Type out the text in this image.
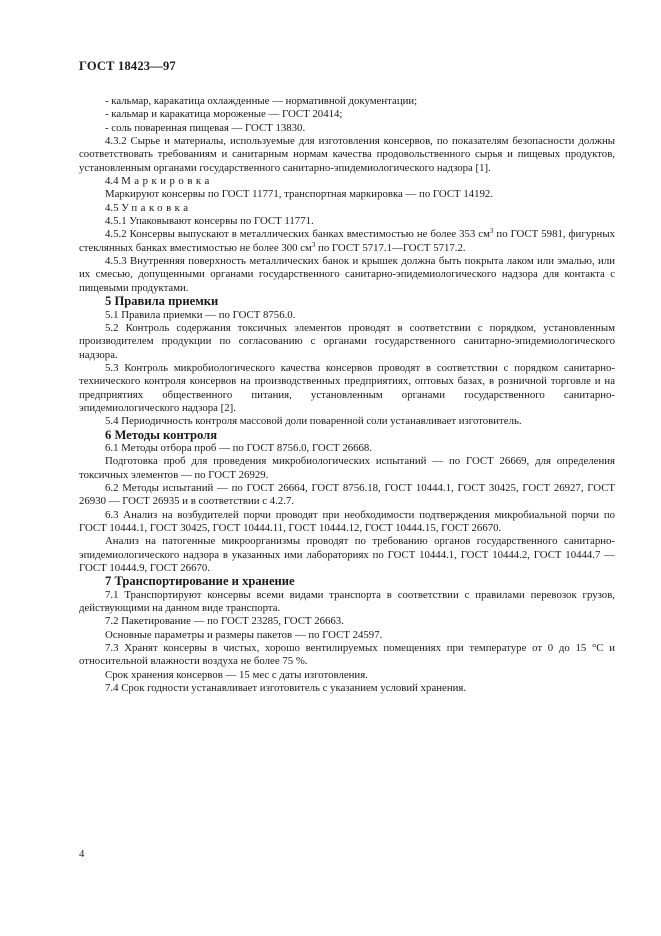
ГОСТ 18423—97

- кальмар, каракатица охлажденные — нормативной документации;

- кальмар и каракатица мороженые — ГОСТ 20414;

- соль поваренная пищевая — ГОСТ 13830.

4.3.2 Сырье и материалы, используемые для изготовления консервов, по показателям безопасности должны соответствовать требованиям и санитарным нормам качества продовольственного сырья и пищевых продуктов, установленным органами государственного санитарно-эпидемиологического надзора [1].

4.4 Маркировка

Маркируют консервы по ГОСТ 11771, транспортная маркировка — по ГОСТ 14192.

4.5 Упаковка

4.5.1 Упаковывают консервы по ГОСТ 11771.

4.5.2 Консервы выпускают в металлических банках вместимостью не более 353 $см^3$ по ГОСТ 5981, фигурных стеклянных банках вместимостью не более 300 $см^3$ по ГОСТ 5717.1—ГОСТ 5717.2.

4.5.3 Внутренняя поверхность металлических банок и крышек должна быть покрыта лаком или эмалью, или их смесью, допущенными органами государственного санитарно-эпидемиологического надзора для контакта с пищевыми продуктами.

5 Правила приемки

5.1 Правила приемки — по ГОСТ 8756.0.

5.2 Контроль содержания токсичных элементов проводят в соответствии с порядком, установленным производителем продукции по согласованию с органами государственного санитарно-эпидемиологического надзора.

5.3 Контроль микробиологического качества консервов проводят в соответствии с порядком санитарно-технического контроля консервов на производственных предприятиях, оптовых базах, в розничной торговле и на предприятиях общественного питания, установленным органами государственного санитарно-эпидемиологического надзора [2].

5.4 Периодичность контроля массовой доли поваренной соли устанавливает изготовитель.

6 Методы контроля

6.1 Методы отбора проб — по ГОСТ 8756.0, ГОСТ 26668.

Подготовка проб для проведения микробиологических испытаний — по ГОСТ 26669, для определения токсичных элементов — по ГОСТ 26929.

6.2 Методы испытаний — по ГОСТ 26664, ГОСТ 8756.18, ГОСТ 10444.1, ГОСТ 30425, ГОСТ 26927, ГОСТ 26930 — ГОСТ 26935 и в соответствии с 4.2.7.

6.3 Анализ на возбудителей порчи проводят при необходимости подтверждения микробиальной порчи по ГОСТ 10444.1, ГОСТ 30425, ГОСТ 10444.11, ГОСТ 10444.12, ГОСТ 10444.15, ГОСТ 26670.

Анализ на патогенные микроорганизмы проводят по требованию органов государственного санитарно-эпидемиологического надзора в указанных ими лабораториях по ГОСТ 10444.1, ГОСТ 10444.2, ГОСТ 10444.7 — ГОСТ 10444.9, ГОСТ 26670.

7 Транспортирование и хранение

7.1 Транспортируют консервы всеми видами транспорта в соответствии с правилами перевозок грузов, действующими на данном виде транспорта.

7.2 Пакетирование — по ГОСТ 23285, ГОСТ 26663.

Основные параметры и размеры пакетов — по ГОСТ 24597.

7.3 Хранят консервы в чистых, хорошо вентилируемых помещениях при температуре от 0 до 15 °С и относительной влажности воздуха не более 75 %.

Срок хранения консервов — 15 мес с даты изготовления.

7.4 Срок годности устанавливает изготовитель с указанием условий хранения.

4
